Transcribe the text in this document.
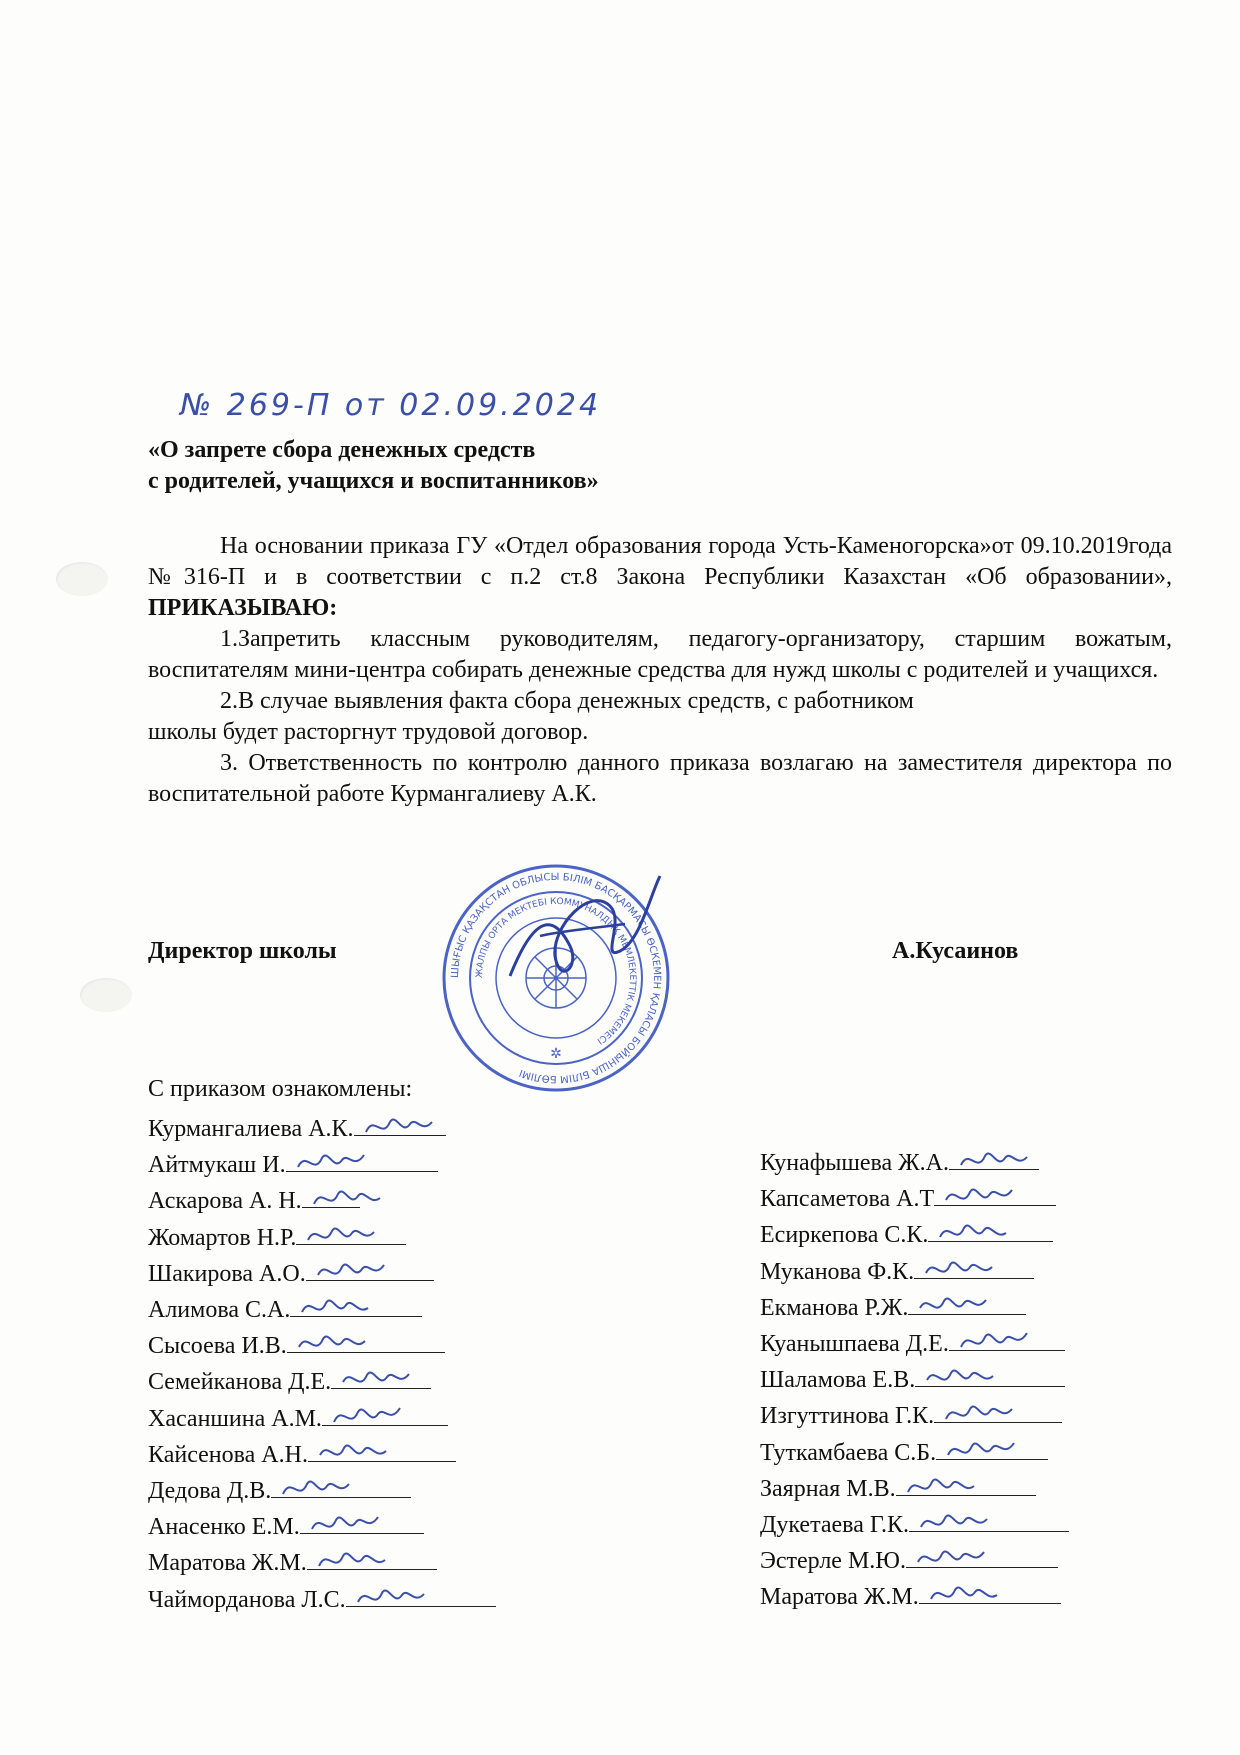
№ 269-П от 02.09.2024
«О запрете сбора денежных средств
с родителей, учащихся и воспитанников»

На основании приказа ГУ «Отдел образования города Усть-Каменогорска»от 09.10.2019года №316-П и в соответствии с п.2 ст.8 Закона Республики Казахстан «Об образовании», ПРИКАЗЫВАЮ:

1.Запретить классным руководителям, педагогу-организатору, старшим вожатым, воспитателям мини-центра собирать денежные средства для нужд школы с родителей и учащихся.

2.В случае выявления факта сбора денежных средств, с работником

школы будет расторгнут трудовой договор.

3. Ответственность по контролю данного приказа возлагаю на заместителя директора по воспитательной работе Курмангалиеву А.К.

Директор школы	А.Кусаинов
ШЫҒЫС ҚАЗАҚСТАН ОБЛЫСЫ БІЛІМ БАСҚАРМАСЫ ӨСКЕМЕН ҚАЛАСЫ БОЙЫНША БІЛІМ БӨЛІМІ
ЖАЛПЫ ОРТА МЕКТЕБІ КОММУНАЛДЫҚ МЕМЛЕКЕТТІК МЕКЕМЕСІ
✲
С приказом ознакомлены:
Курмангалиева А.К.
Айтмукаш И.
Аскарова А. Н.
Жомартов Н.Р.
Шакирова А.О.
Алимова С.А.
Сысоева И.В.
Семейканова Д.Е.
Хасаншина А.М.
Кайсенова А.Н.
Дедова Д.В.
Анасенко Е.М.
Маратова Ж.М.
Чайморданова Л.С.
Кунафышева Ж.А.
Капсаметова А.Т
Есиркепова С.К.
Муканова Ф.К.
Екманова Р.Ж.
Куанышпаева Д.Е.
Шаламова Е.В.
Изгуттинова Г.К.
Туткамбаева С.Б.
Заярная М.В.
Дукетаева Г.К.
Эстерле М.Ю.
Маратова Ж.М.
